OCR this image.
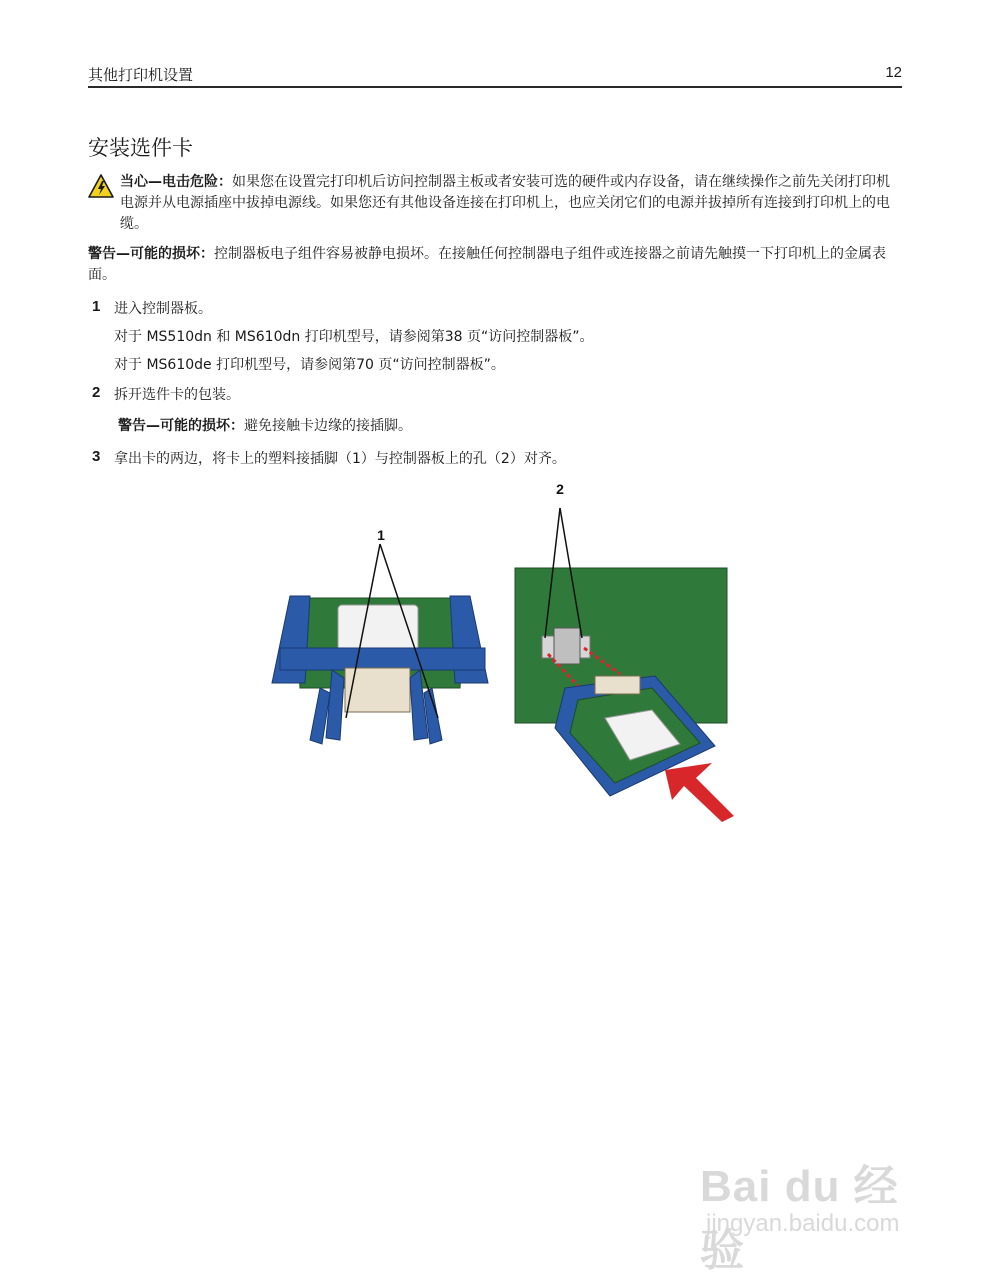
其他打印机设置	12
安装选件卡
当心—电击危险：如果您在设置完打印机后访问控制器主板或者安装可选的硬件或内存设备，请在继续操作之前先关闭打印机电源并从电源插座中拔掉电源线。如果您还有其他设备连接在打印机上，也应关闭它们的电源并拔掉所有连接到打印机上的电缆。
警告—可能的损坏：控制器板电子组件容易被静电损坏。在接触任何控制器电子组件或连接器之前请先触摸一下打印机上的金属表面。
1 进入控制器板。
对于 MS510dn 和 MS610dn 打印机型号，请参阅第38 页“访问控制器板”。
对于 MS610de 打印机型号，请参阅第70 页“访问控制器板”。
2 拆开选件卡的包装。
警告—可能的损坏：避免接触卡边缘的接插脚。
3 拿出卡的两边，将卡上的塑料接插脚（1）与控制器板上的孔（2）对齐。
1
2
Bai du 经验
jingyan.baidu.com
